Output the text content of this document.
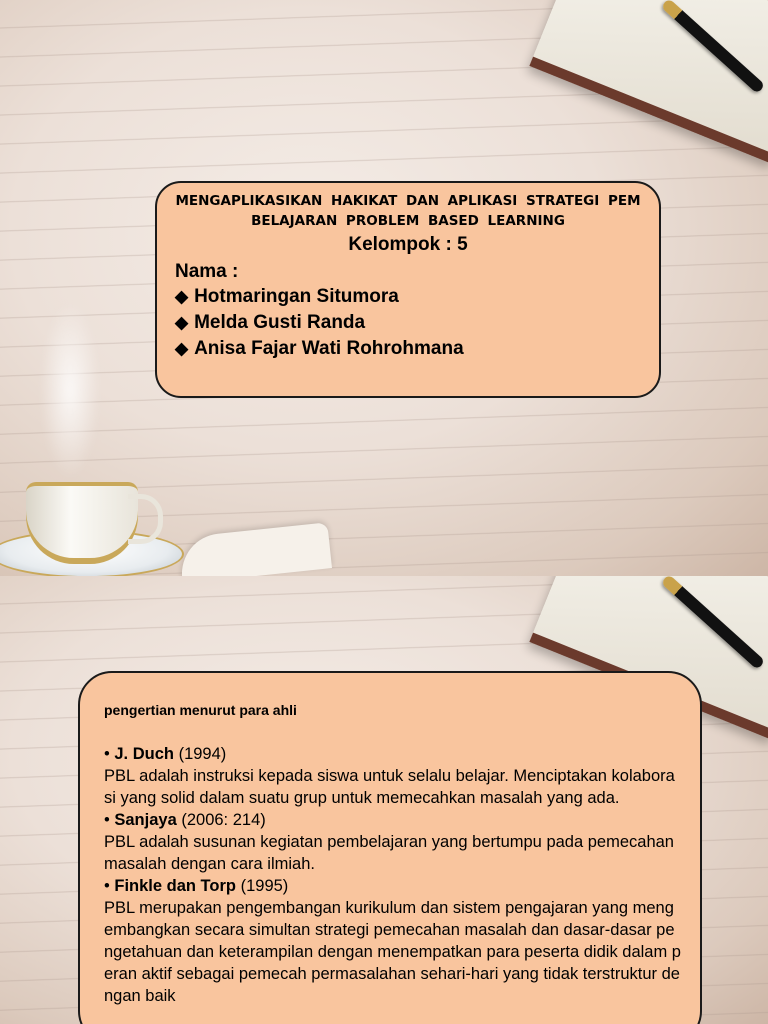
MENGAPLIKASIKAN HAKIKAT DAN APLIKASI STRATEGI PEM
BELAJARAN PROBLEM BASED LEARNING
Kelompok : 5
Nama :
◆ Hotmaringan Situmora
◆ Melda Gusti Randa
◆ Anisa Fajar Wati Rohrohmana
pengertian menurut para ahli
• J. Duch (1994)
PBL adalah instruksi kepada siswa untuk selalu belajar. Menciptakan kolaborasi yang solid dalam suatu grup untuk memecahkan masalah yang ada.
• Sanjaya (2006: 214)
PBL adalah susunan kegiatan pembelajaran yang bertumpu pada pemecahan masalah dengan cara ilmiah.
• Finkle dan Torp (1995)
PBL merupakan pengembangan kurikulum dan sistem pengajaran yang mengembangkan secara simultan strategi pemecahan masalah dan dasar-dasar pengetahuan dan keterampilan dengan menempatkan para peserta didik dalam peran aktif sebagai pemecah permasalahan sehari-hari yang tidak terstruktur dengan baik
